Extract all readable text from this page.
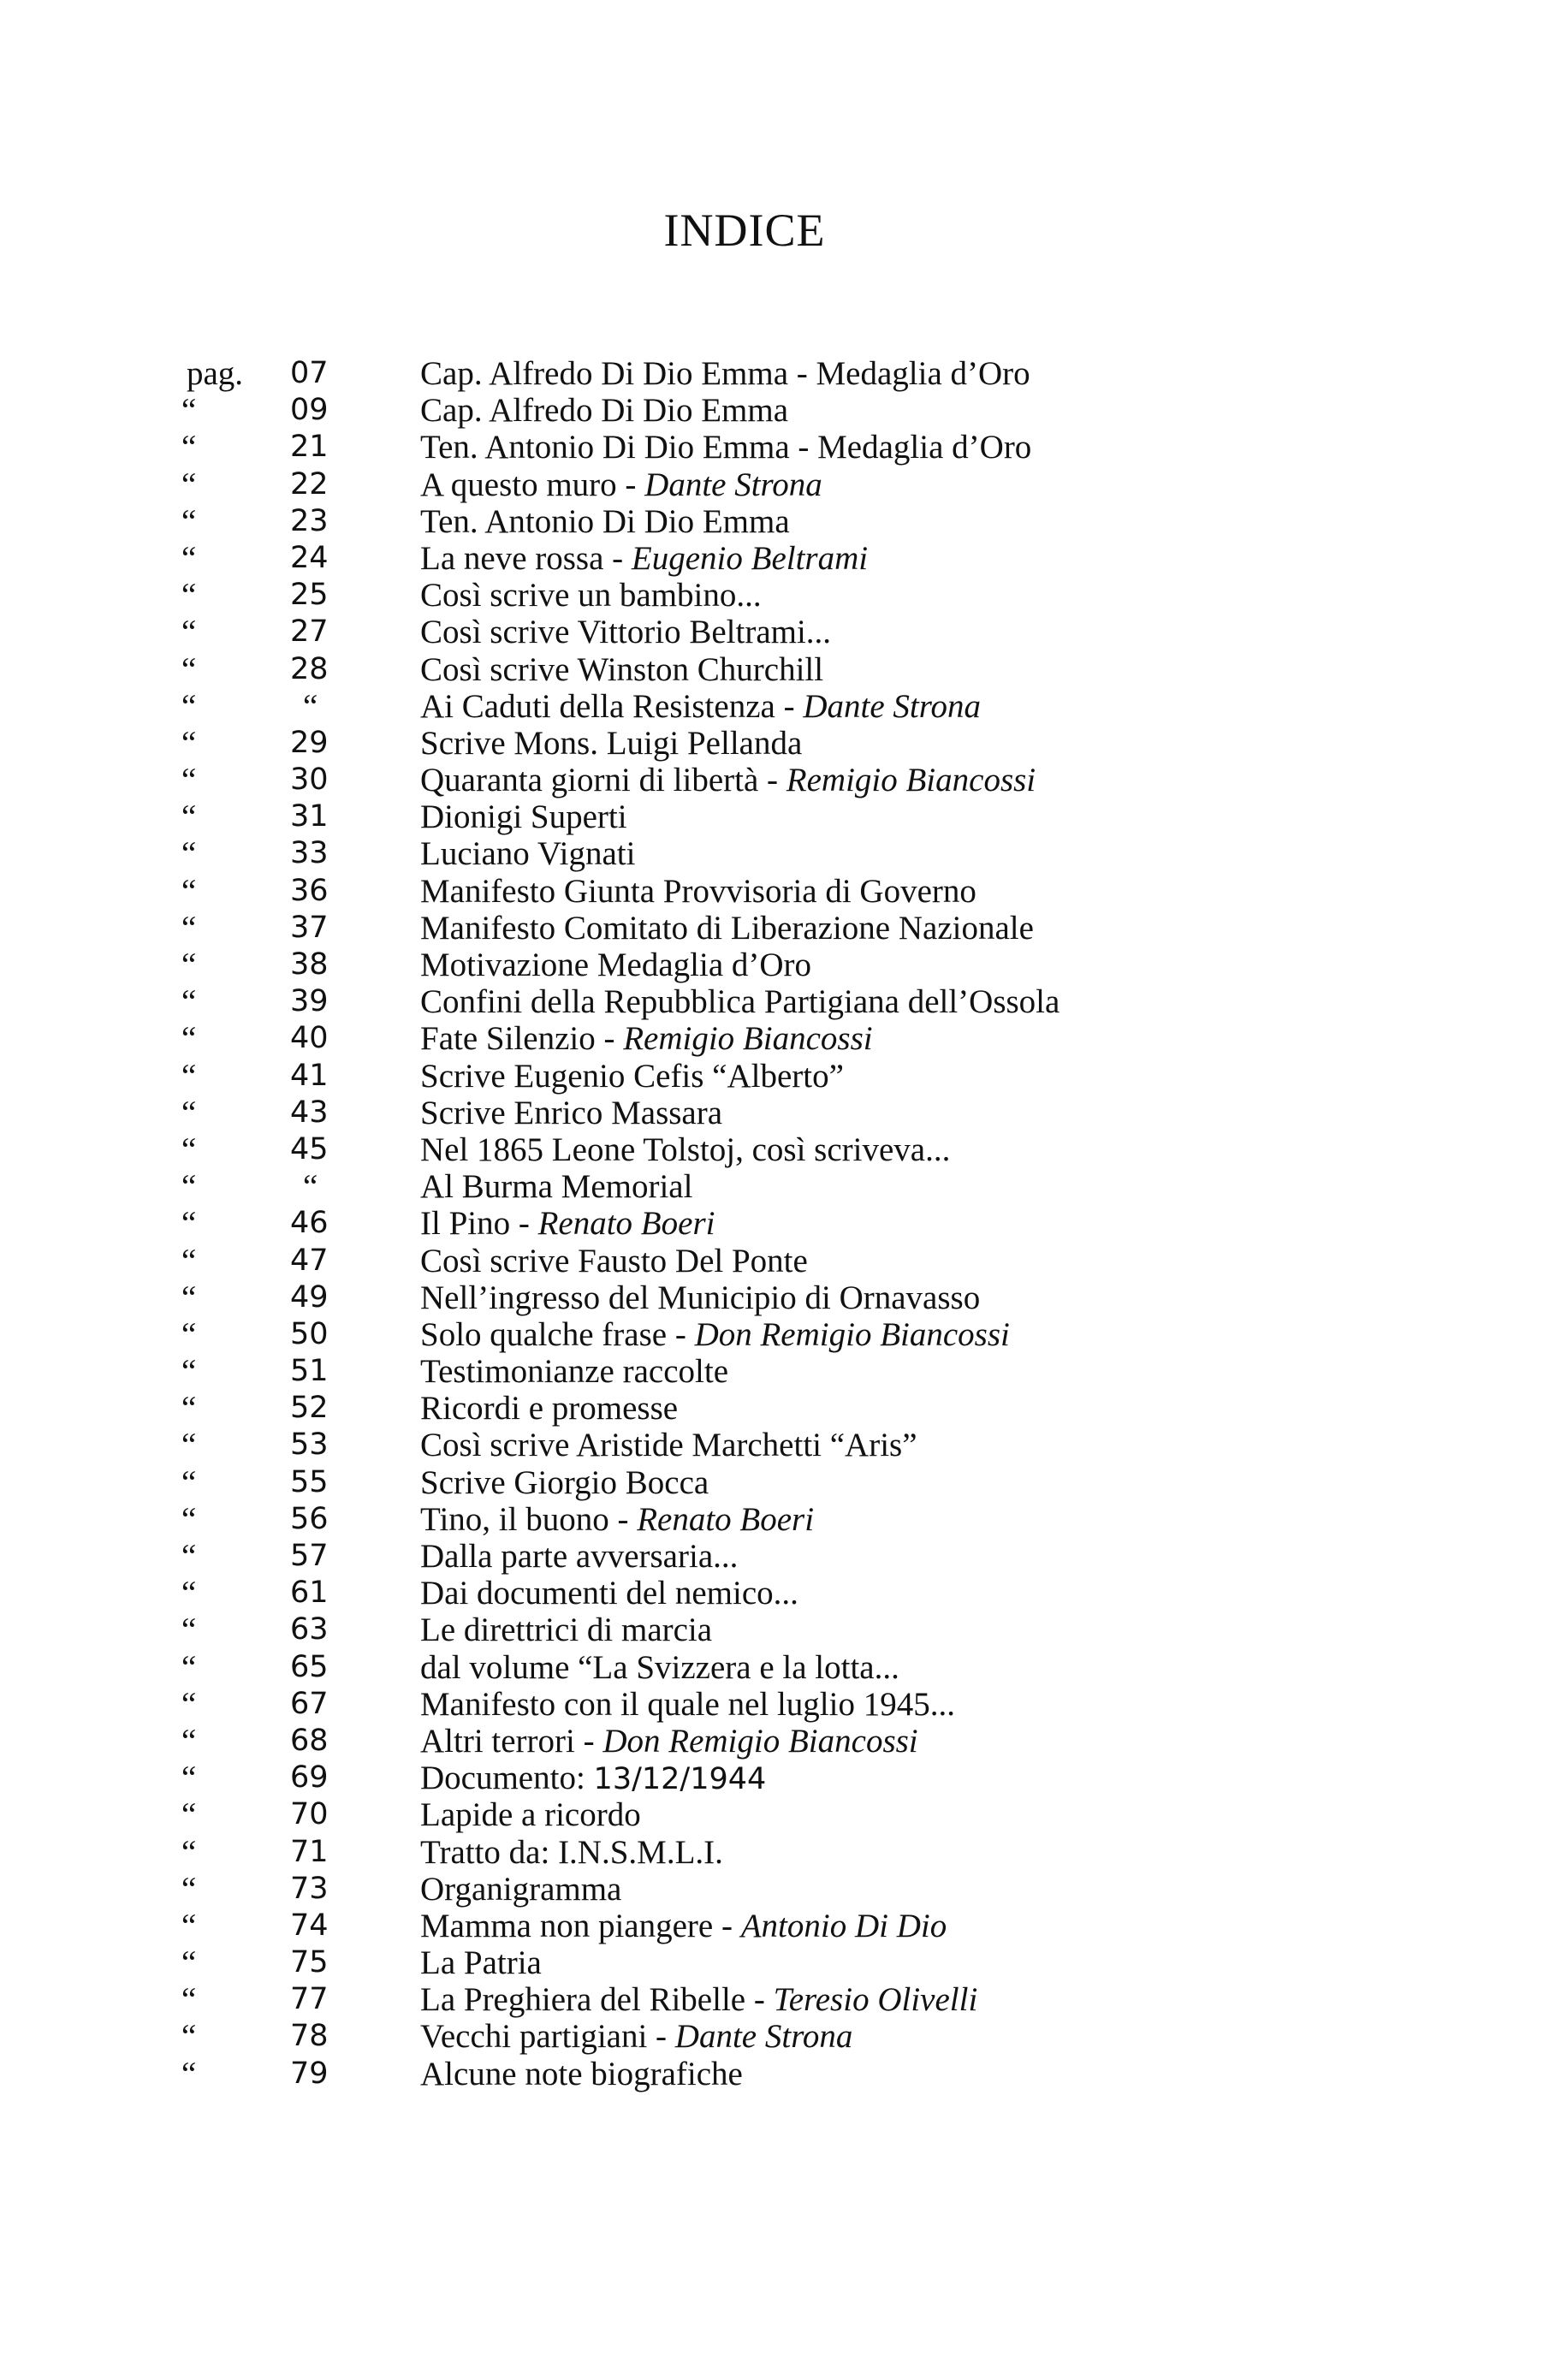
INDICE
pag. 07	Cap. Alfredo Di Dio Emma - Medaglia d’Oro
“	09	Cap. Alfredo Di Dio Emma
“	21	Ten. Antonio Di Dio Emma - Medaglia d’Oro
“	22	A questo muro - Dante Strona
“	23	Ten. Antonio Di Dio Emma
“	24	La neve rossa - Eugenio Beltrami
“	25	Così scrive un bambino...
“	27	Così scrive Vittorio Beltrami...
“	28	Così scrive Winston Churchill
“	“	Ai Caduti della Resistenza - Dante Strona
“	29	Scrive Mons. Luigi Pellanda
“	30	Quaranta giorni di libertà - Remigio Biancossi
“	31	Dionigi Superti
“	33	Luciano Vignati
“	36	Manifesto Giunta Provvisoria di Governo
“	37	Manifesto Comitato di Liberazione Nazionale
“	38	Motivazione Medaglia d’Oro
“	39	Confini della Repubblica Partigiana dell’Ossola
“	40	Fate Silenzio - Remigio Biancossi
“	41	Scrive Eugenio Cefis “Alberto”
“	43	Scrive Enrico Massara
“	45	Nel 1865 Leone Tolstoj, così scriveva...
“	“	Al Burma Memorial
“	46	Il Pino - Renato Boeri
“	47	Così scrive Fausto Del Ponte
“	49	Nell’ingresso del Municipio di Ornavasso
“	50	Solo qualche frase - Don Remigio Biancossi
“	51	Testimonianze raccolte
“	52	Ricordi e promesse
“	53	Così scrive Aristide Marchetti “Aris”
“	55	Scrive Giorgio Bocca
“	56	Tino, il buono - Renato Boeri
“	57	Dalla parte avversaria...
“	61	Dai documenti del nemico...
“	63	Le direttrici di marcia
“	65	dal volume “La Svizzera e la lotta...
“	67	Manifesto con il quale nel luglio 1945...
“	68	Altri terrori - Don Remigio Biancossi
“	69	Documento: 13/12/1944
“	70	Lapide a ricordo
“	71	Tratto da: I.N.S.M.L.I.
“	73	Organigramma
“	74	Mamma non piangere - Antonio Di Dio
“	75	La Patria
“	77	La Preghiera del Ribelle - Teresio Olivelli
“	78	Vecchi partigiani - Dante Strona
“	79	Alcune note biografiche
